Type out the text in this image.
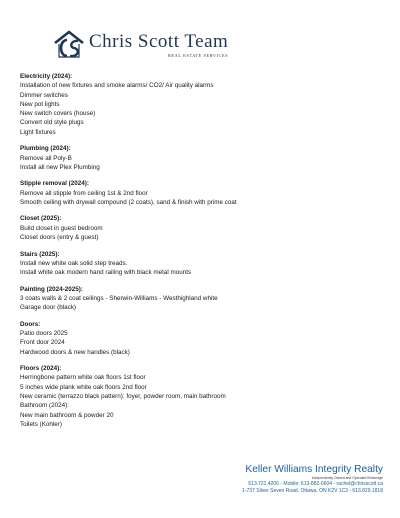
Chris Scott Team
REAL ESTATE SERVICES
Electricity (2024):
Installation of new fixtures and smoke alarms/ CO2/ Air quality alarms
Dimmer switches
New pot lights
New switch covers (house)
Convert old style plugs
Light fixtures
Plumbing (2024):
Remove all Poly-B
Install all new Plex Plumbing
Stipple removal (2024):
Remove all stipple from ceiling 1st & 2nd floor
Smooth ceiling with drywall compound (2 coats), sand & finish with prime coat
Closet (2025):
Build closet in guest bedroom
Closet doors (entry & guest)
Stairs (2025):
Install new white oak solid step treads.
Install white oak modern hand railing with black metal mounts
Painting (2024-2025):
3 coats walls & 2 coat ceilings - Sherwin-Williams - Westhighland white
Garage door (black)
Doors:
Patio doors 2025
Front door 2024
Hardwood doors & new handles (black)
Floors (2024):
Herringbone pattern white oak floors 1st floor
5 inches wide plank white oak floors 2nd floor
New ceramic (terrazzo black pattern): foyer, powder room, main bathroom
Bathroom (2024):
New main bathroom & powder 20
Toilets (Kohler)
Keller Williams Integrity Realty
Independently Owned and Operated Brokerage
613.721.4206 - Mobile: 613-882-6604 - rachel@chrisscott.ca
1-737 Silver Seven Road, Ottawa, ON K2V 1C3 - 613.829.1818
